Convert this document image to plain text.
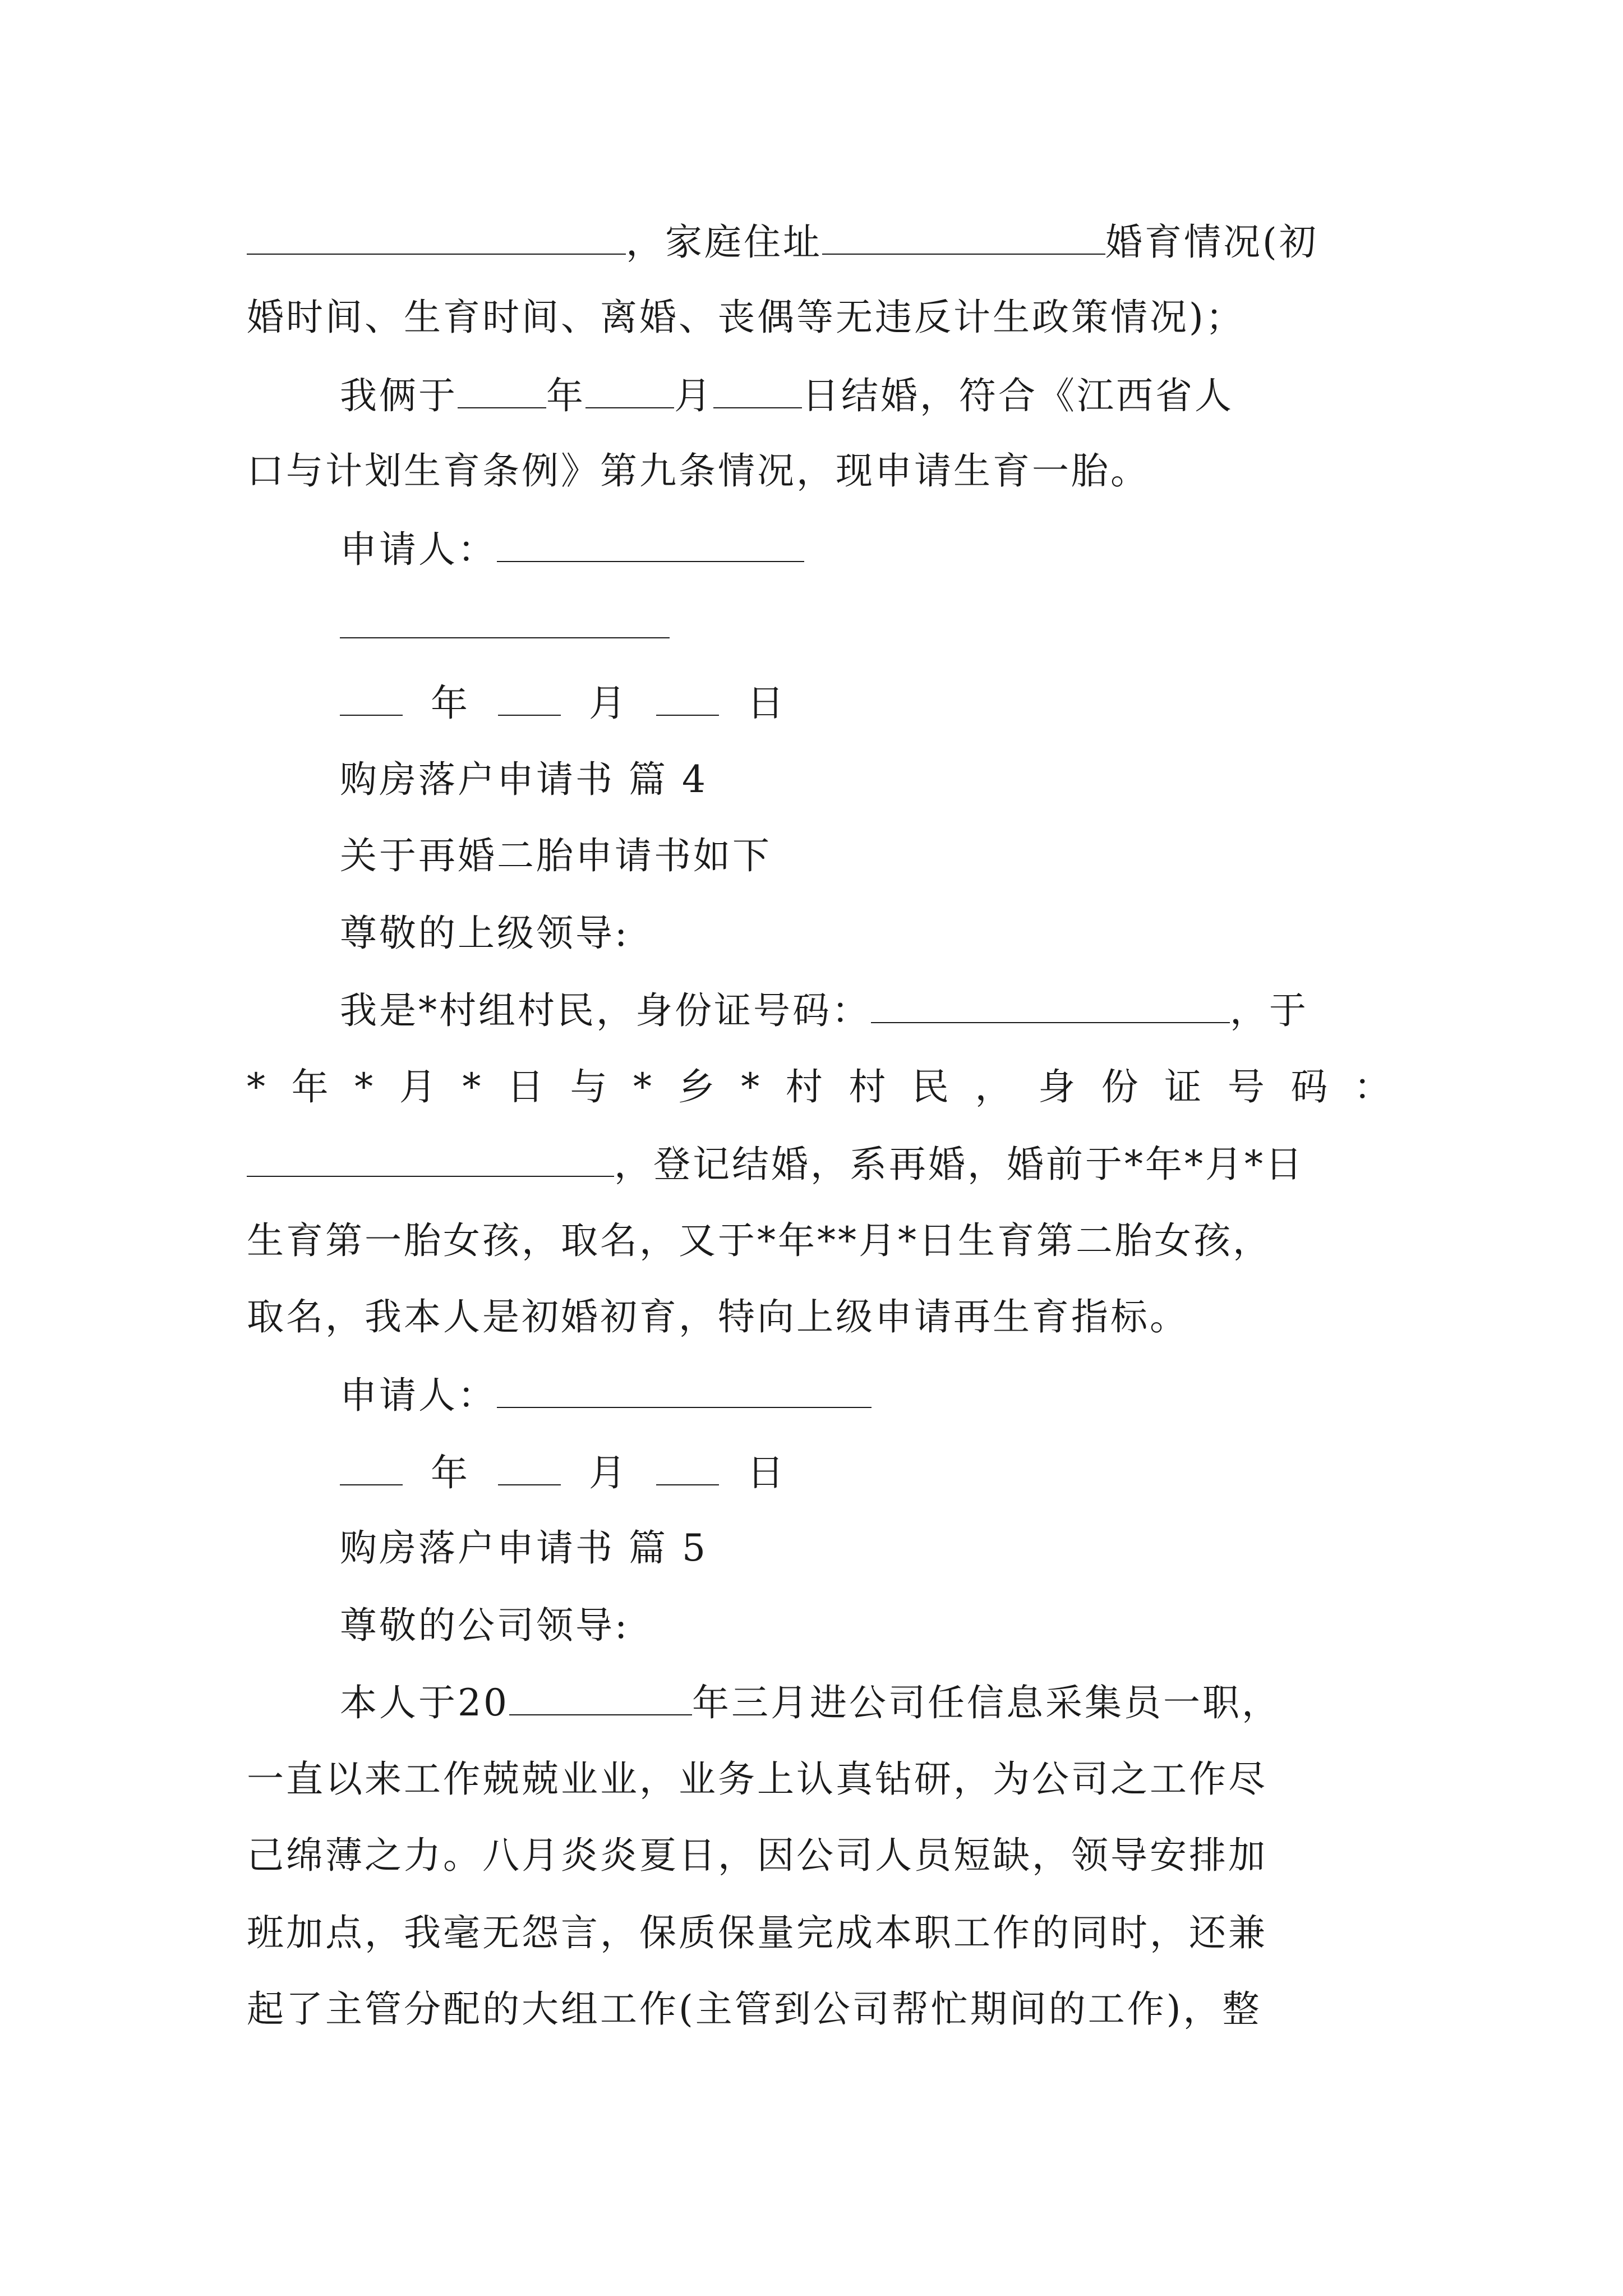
，家庭住址	婚育情况(初
婚时间、生育时间、离婚、丧偶等无违反计生政策情况)；
我俩于 年 月 日结婚，符合《江西省人
口与计划生育条例》第九条情况，现申请生育一胎。
申请人：
年	月	日
购房落户申请书 篇 4
关于再婚二胎申请书如下
尊敬的上级领导:
我是*村组村民，身份证号码：	，于
* 年 * 月 * 日 与 * 乡 * 村 村 民 ， 身 份 证 号 码 ：
，登记结婚，系再婚，婚前于*年*月*日
生育第一胎女孩，取名，又于*年**月*日生育第二胎女孩，
取名，我本人是初婚初育，特向上级申请再生育指标。
申请人：
年	月	日
购房落户申请书 篇 5
尊敬的公司领导:
本人于20	年三月进公司任信息采集员一职，
一直以来工作兢兢业业，业务上认真钻研，为公司之工作尽
己绵薄之力。八月炎炎夏日，因公司人员短缺，领导安排加
班加点，我毫无怨言，保质保量完成本职工作的同时，还兼
起了主管分配的大组工作(主管到公司帮忙期间的工作)，整
